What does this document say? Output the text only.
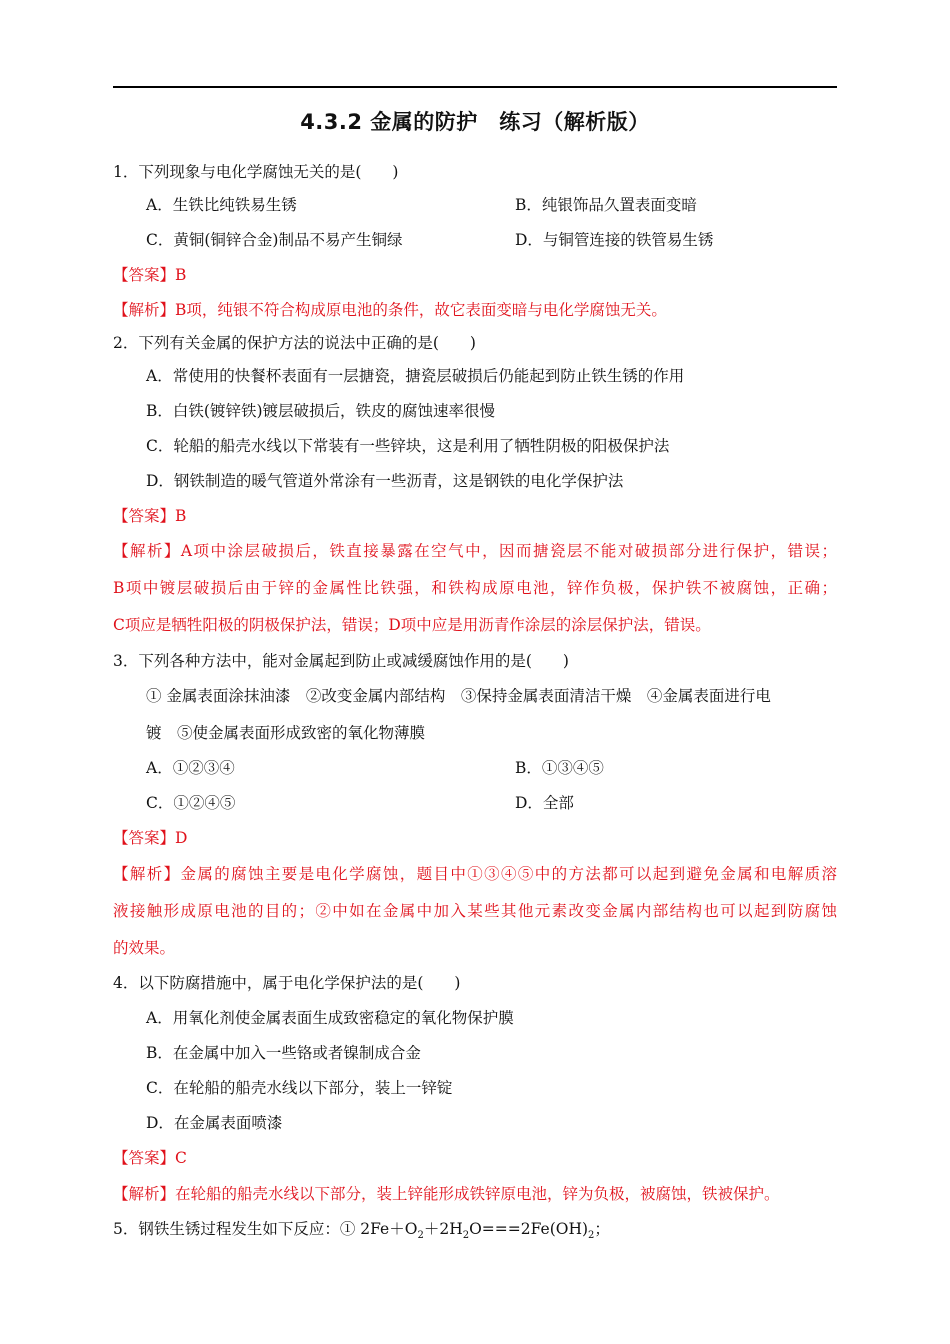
4.3.2 金属的防护　练习（解析版）
1．下列现象与电化学腐蚀无关的是(　　)
A．生铁比纯铁易生锈	B．纯银饰品久置表面变暗
C．黄铜(铜锌合金)制品不易产生铜绿	D．与铜管连接的铁管易生锈
【答案】B
【解析】B项，纯银不符合构成原电池的条件，故它表面变暗与电化学腐蚀无关。
2．下列有关金属的保护方法的说法中正确的是(　　)
A．常使用的快餐杯表面有一层搪瓷，搪瓷层破损后仍能起到防止铁生锈的作用
B．白铁(镀锌铁)镀层破损后，铁皮的腐蚀速率很慢
C．轮船的船壳水线以下常装有一些锌块，这是利用了牺牲阴极的阳极保护法
D．钢铁制造的暖气管道外常涂有一些沥青，这是钢铁的电化学保护法
【答案】B
【解析】A项中涂层破损后，铁直接暴露在空气中，因而搪瓷层不能对破损部分进行保护，错误；
B项中镀层破损后由于锌的金属性比铁强，和铁构成原电池，锌作负极，保护铁不被腐蚀，正确；
C项应是牺牲阳极的阴极保护法，错误；D项中应是用沥青作涂层的涂层保护法，错误。
3．下列各种方法中，能对金属起到防止或减缓腐蚀作用的是(　　)
① 金属表面涂抹油漆　②改变金属内部结构　③保持金属表面清洁干燥　④金属表面进行电
镀　⑤使金属表面形成致密的氧化物薄膜
A．①②③④	B．①③④⑤
C．①②④⑤	D．全部
【答案】D
【解析】金属的腐蚀主要是电化学腐蚀，题目中①③④⑤中的方法都可以起到避免金属和电解质溶
液接触形成原电池的目的；②中如在金属中加入某些其他元素改变金属内部结构也可以起到防腐蚀
的效果。
4．以下防腐措施中，属于电化学保护法的是(　　)
A．用氧化剂使金属表面生成致密稳定的氧化物保护膜
B．在金属中加入一些铬或者镍制成合金
C．在轮船的船壳水线以下部分，装上一锌锭
D．在金属表面喷漆
【答案】C
【解析】在轮船的船壳水线以下部分，装上锌能形成铁锌原电池，锌为负极，被腐蚀，铁被保护。
5．钢铁生锈过程发生如下反应：① $2Fe+O_2+2H_2O===2Fe(OH)_2$；
